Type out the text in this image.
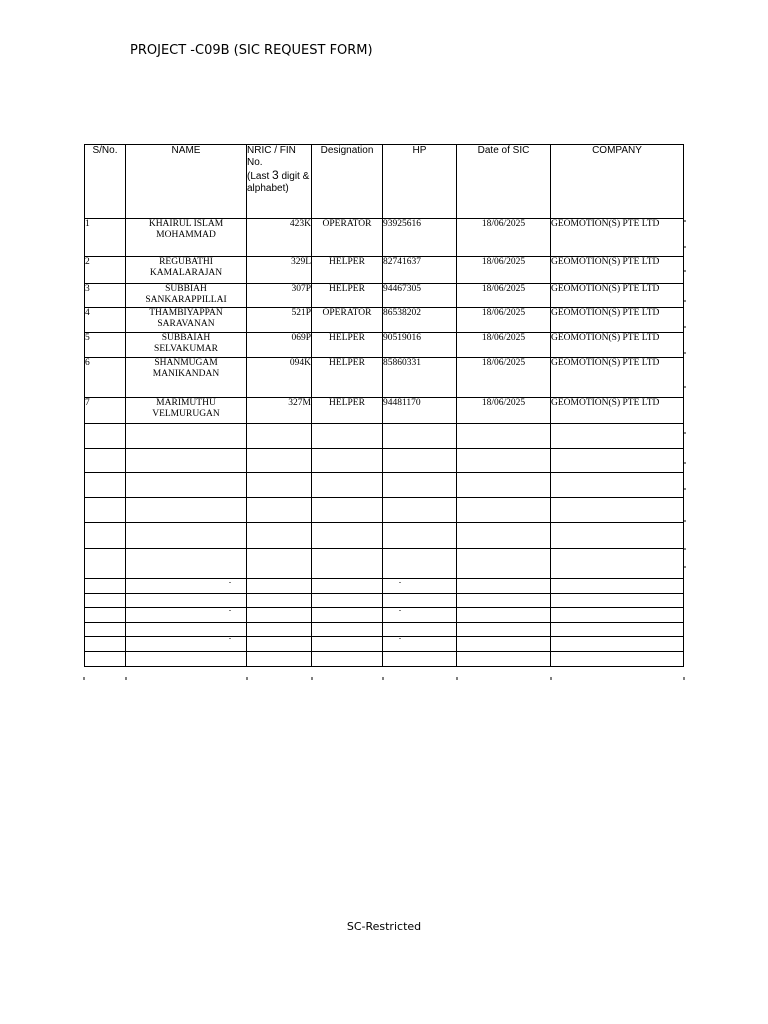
PROJECT -C09B (SIC REQUEST FORM)
S/No.	NAME	NRIC / FIN
No.
(Last 3 digit &
alphabet)	Designation	HP	Date of SIC	COMPANY
1	KHAIRUL ISLAM
MOHAMMAD	423K	OPERATOR	93925616	18/06/2025	GEOMOTION(S) PTE LTD
2	REGUBATHI
KAMALARAJAN	329L	HELPER	82741637	18/06/2025	GEOMOTION(S) PTE LTD
3	SUBBIAH
SANKARAPPILLAI	307P	HELPER	94467305	18/06/2025	GEOMOTION(S) PTE LTD
4	THAMBIYAPPAN
SARAVANAN	521P	OPERATOR	86538202	18/06/2025	GEOMOTION(S) PTE LTD
5	SUBBAIAH
SELVAKUMAR	069P	HELPER	90519016	18/06/2025	GEOMOTION(S) PTE LTD
6	SHANMUGAM
MANIKANDAN	094K	HELPER	85860331	18/06/2025	GEOMOTION(S) PTE LTD
7	MARIMUTHU
VELMURUGAN	327M	HELPER	94481170	18/06/2025	GEOMOTION(S) PTE LTD

SC-Restricted
